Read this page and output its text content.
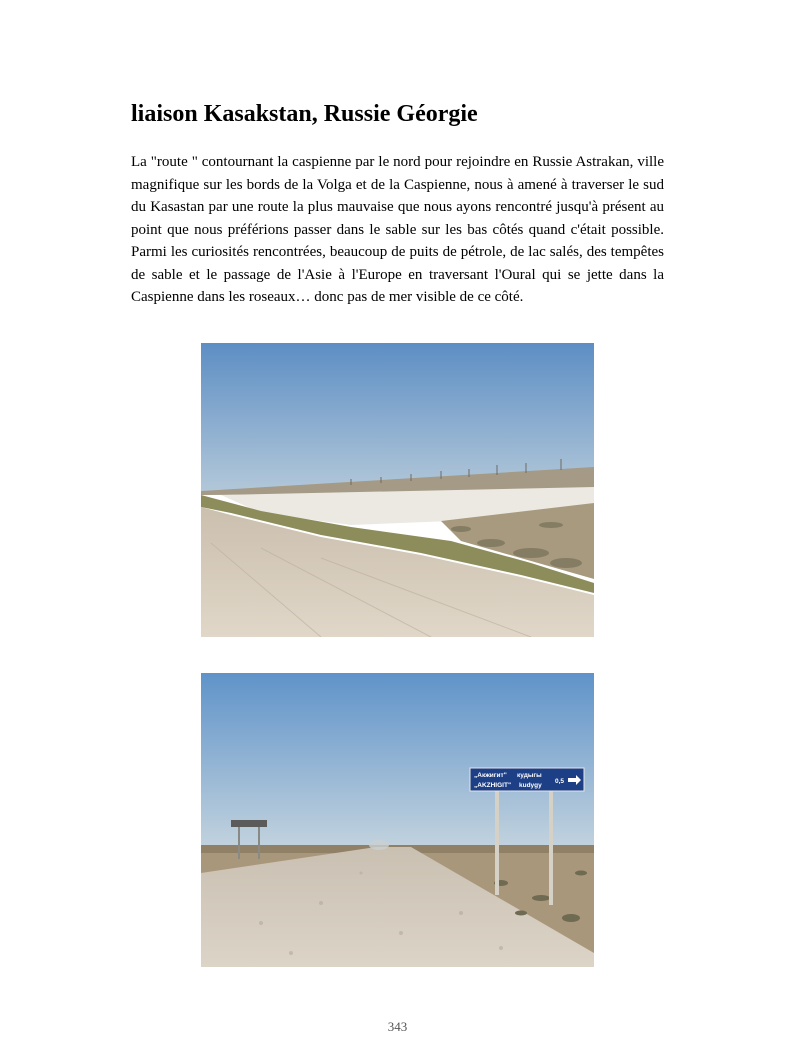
liaison Kasakstan, Russie Géorgie

La "route " contournant la caspienne par le nord pour rejoindre en Russie Astrakan, ville magnifique sur les bords de la Volga et de la Caspienne, nous à amené à traverser le sud du Kasastan par une route la plus mauvaise que nous ayons rencontré jusqu'à présent au point que nous préférions passer dans le sable sur les bas côtés quand c'était possible. Parmi les curiosités rencontrées, beaucoup de puits de pétrole, de lac salés, des tempêtes de sable et le passage de l'Asie à l'Europe en traversant l'Oural qui se jette dans la Caspienne dans les roseaux… donc pas de mer visible de ce côté.

„Акжигит" кудыгы
„AKZHIGIT" kudygy
0,5
343
